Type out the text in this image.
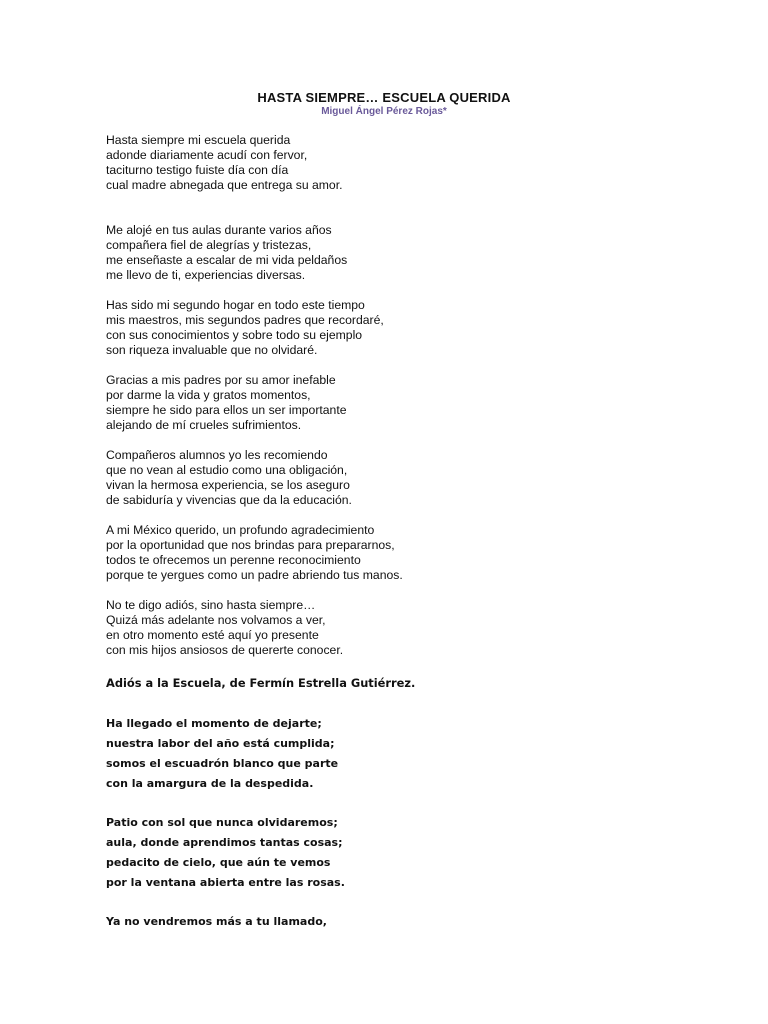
HASTA SIEMPRE… ESCUELA QUERIDA
Miguel Ángel Pérez Rojas*
Hasta siempre mi escuela querida
adonde diariamente acudí con fervor,
taciturno testigo fuiste día con día
cual madre abnegada que entrega su amor.
Me alojé en tus aulas durante varios años
compañera fiel de alegrías y tristezas,
me enseñaste a escalar de mi vida peldaños
me llevo de ti, experiencias diversas.
Has sido mi segundo hogar en todo este tiempo
mis maestros, mis segundos padres que recordaré,
con sus conocimientos y sobre todo su ejemplo
son riqueza invaluable que no olvidaré.
Gracias a mis padres por su amor inefable
por darme la vida y gratos momentos,
siempre he sido para ellos un ser importante
alejando de mí crueles sufrimientos.
Compañeros alumnos yo les recomiendo
que no vean al estudio como una obligación,
vivan la hermosa experiencia, se los aseguro
de sabiduría y vivencias que da la educación.
A mi México querido, un profundo agradecimiento
por la oportunidad que nos brindas para prepararnos,
todos te ofrecemos un perenne reconocimiento
porque te yergues como un padre abriendo tus manos.
No te digo adiós, sino hasta siempre…
Quizá más adelante nos volvamos a ver,
en otro momento esté aquí yo presente
con mis hijos ansiosos de quererte conocer.
Adiós a la Escuela, de Fermín Estrella Gutiérrez.
Ha llegado el momento de dejarte;
nuestra labor del año está cumplida;
somos el escuadrón blanco que parte
con la amargura de la despedida.
Patio con sol que nunca olvidaremos;
aula, donde aprendimos tantas cosas;
pedacito de cielo, que aún te vemos
por la ventana abierta entre las rosas.
Ya no vendremos más a tu llamado,
